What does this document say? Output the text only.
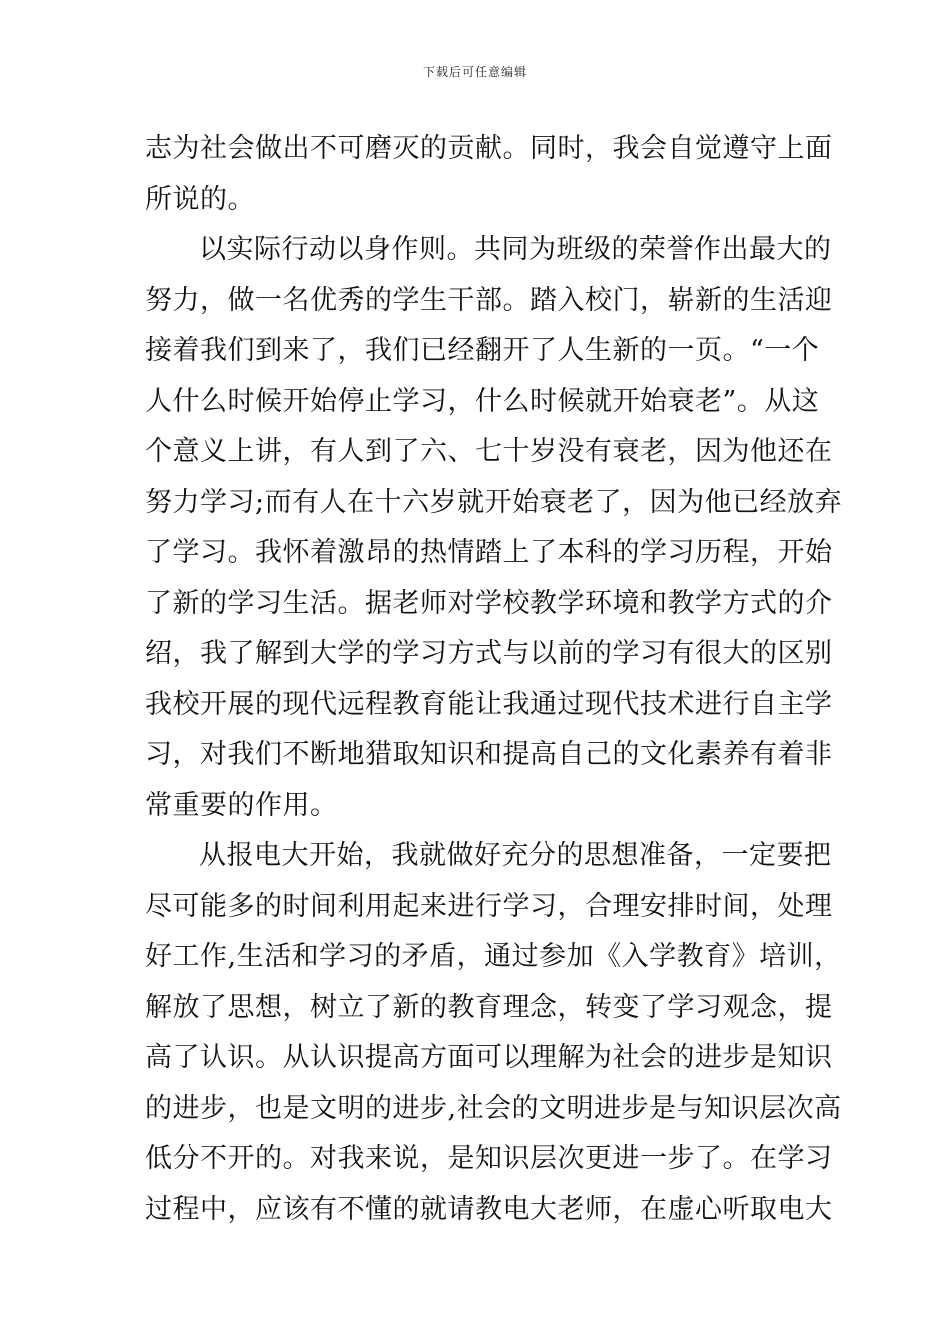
下载后可任意编辑
志为社会做出不可磨灭的贡献。同时，我会自觉遵守上面
所说的。
以实际行动以身作则。共同为班级的荣誉作出最大的
努力，做一名优秀的学生干部。踏入校门，崭新的生活迎
接着我们到来了，我们已经翻开了人生新的一页。“一个
人什么时候开始停止学习，什么时候就开始衰老”。从这
个意义上讲，有人到了六、七十岁没有衰老，因为他还在
努力学习;而有人在十六岁就开始衰老了，因为他已经放弃
了学习。我怀着激昂的热情踏上了本科的学习历程，开始
了新的学习生活。据老师对学校教学环境和教学方式的介
绍，我了解到大学的学习方式与以前的学习有很大的区别
我校开展的现代远程教育能让我通过现代技术进行自主学
习，对我们不断地猎取知识和提高自己的文化素养有着非
常重要的作用。
从报电大开始，我就做好充分的思想准备，一定要把
尽可能多的时间利用起来进行学习，合理安排时间，处理
好工作,生活和学习的矛盾，通过参加《入学教育》培训，
解放了思想，树立了新的教育理念，转变了学习观念，提
高了认识。从认识提高方面可以理解为社会的进步是知识
的进步，也是文明的进步,社会的文明进步是与知识层次高
低分不开的。对我来说，是知识层次更进一步了。在学习
过程中，应该有不懂的就请教电大老师，在虚心听取电大
